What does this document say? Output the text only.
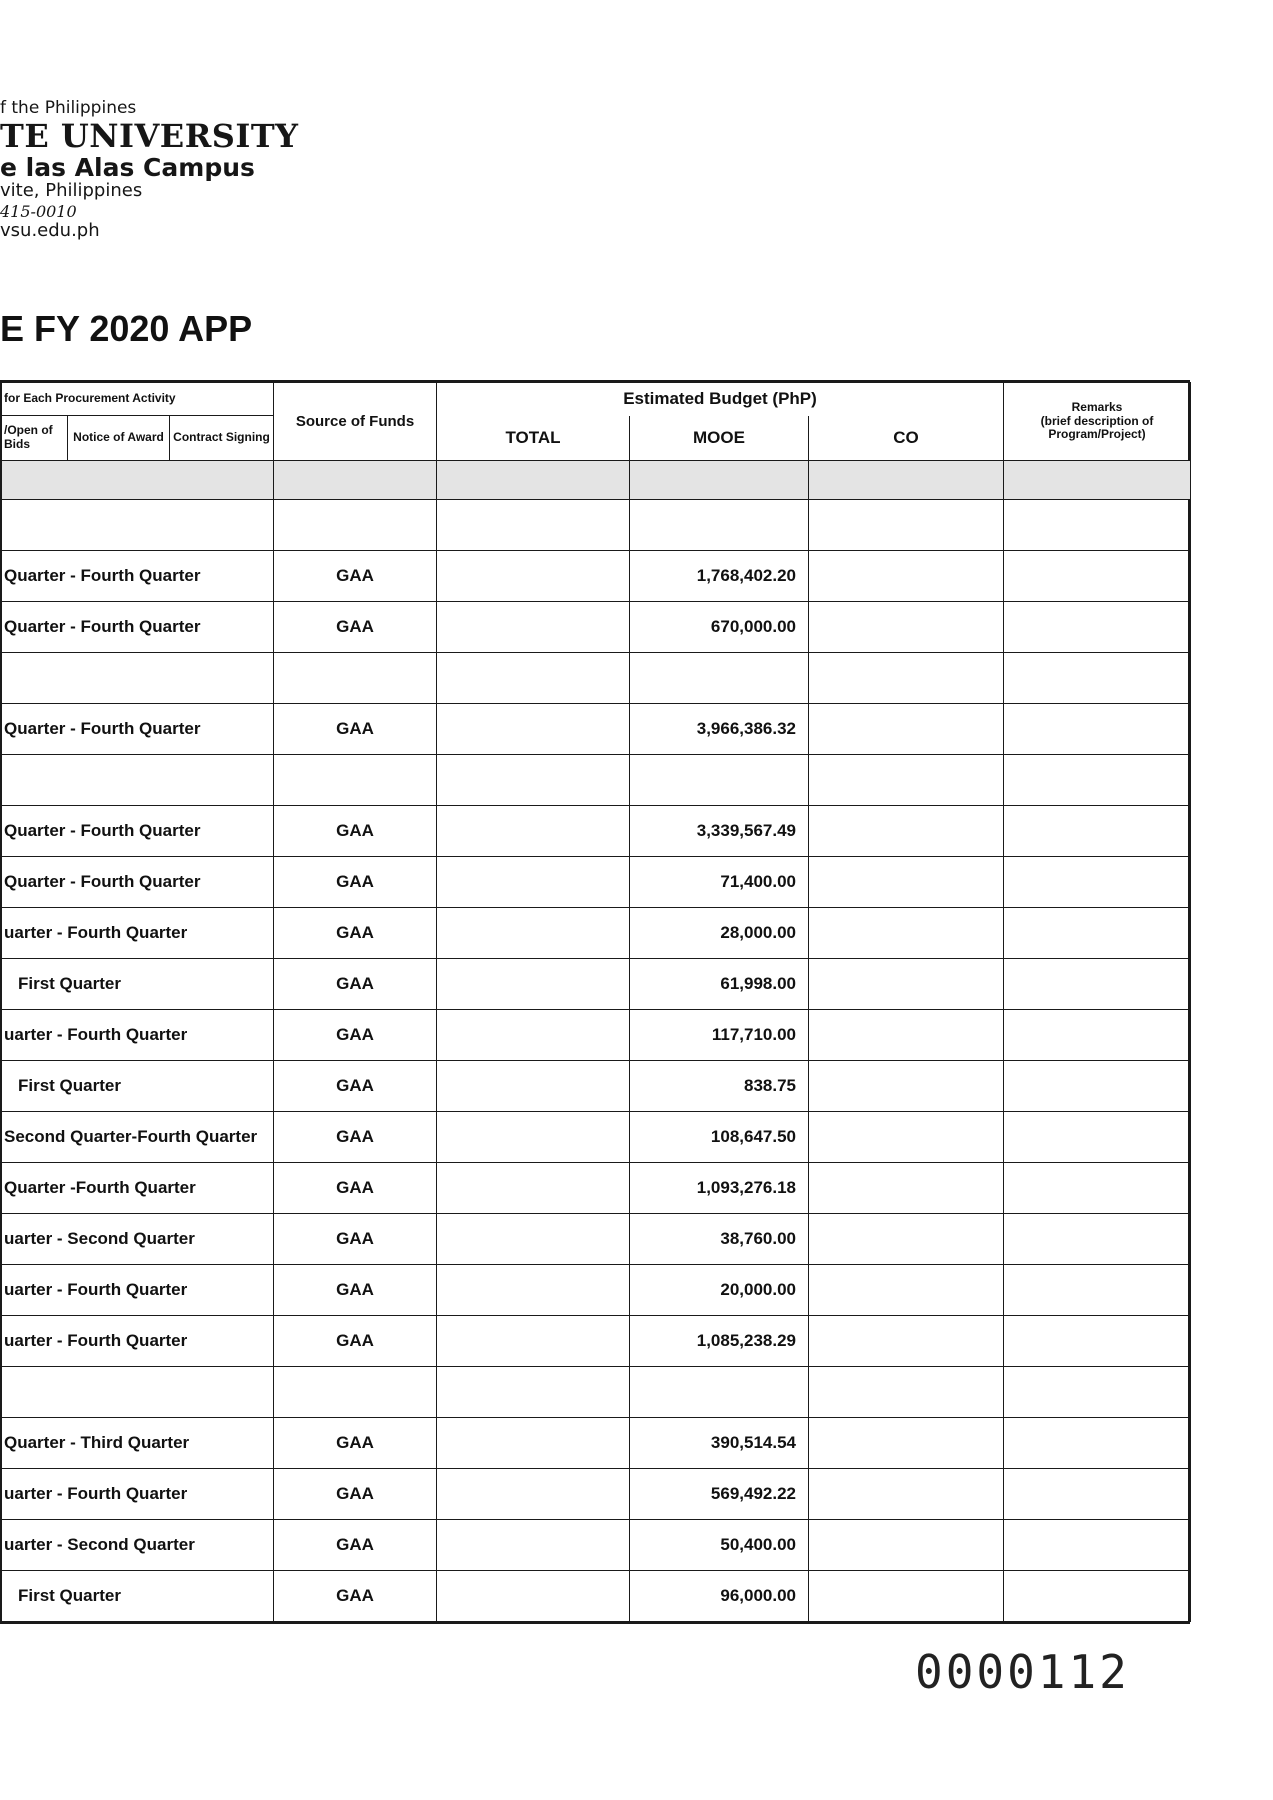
f the Philippines
TE UNIVERSITY
e las Alas Campus
vite, Philippines
415-0010
vsu.edu.ph
E FY 2020 APP
for Each Procurement Activity			Source of Funds	Estimated Budget (PhP)			Remarks
(brief description of Program/Project)

/Open of Bids	Notice of Award	Contract Signing		TOTAL	MOOE	CO	

Quarter - Fourth Quarter			GAA		1,768,402.20		
Quarter - Fourth Quarter			GAA		670,000.00		

Quarter - Fourth Quarter			GAA		3,966,386.32		

Quarter - Fourth Quarter			GAA		3,339,567.49		
Quarter - Fourth Quarter			GAA		71,400.00		
uarter - Fourth Quarter			GAA		28,000.00		
First Quarter			GAA		61,998.00		
uarter - Fourth Quarter			GAA		117,710.00		
First Quarter			GAA		838.75		
Second Quarter-Fourth Quarter			GAA		108,647.50		
Quarter -Fourth Quarter			GAA		1,093,276.18		
uarter - Second Quarter			GAA		38,760.00		
uarter - Fourth Quarter			GAA		20,000.00		
uarter - Fourth Quarter			GAA		1,085,238.29		

Quarter - Third Quarter			GAA		390,514.54		
uarter - Fourth Quarter			GAA		569,492.22		
uarter - Second Quarter			GAA		50,400.00		
First Quarter			GAA		96,000.00		
0000112
